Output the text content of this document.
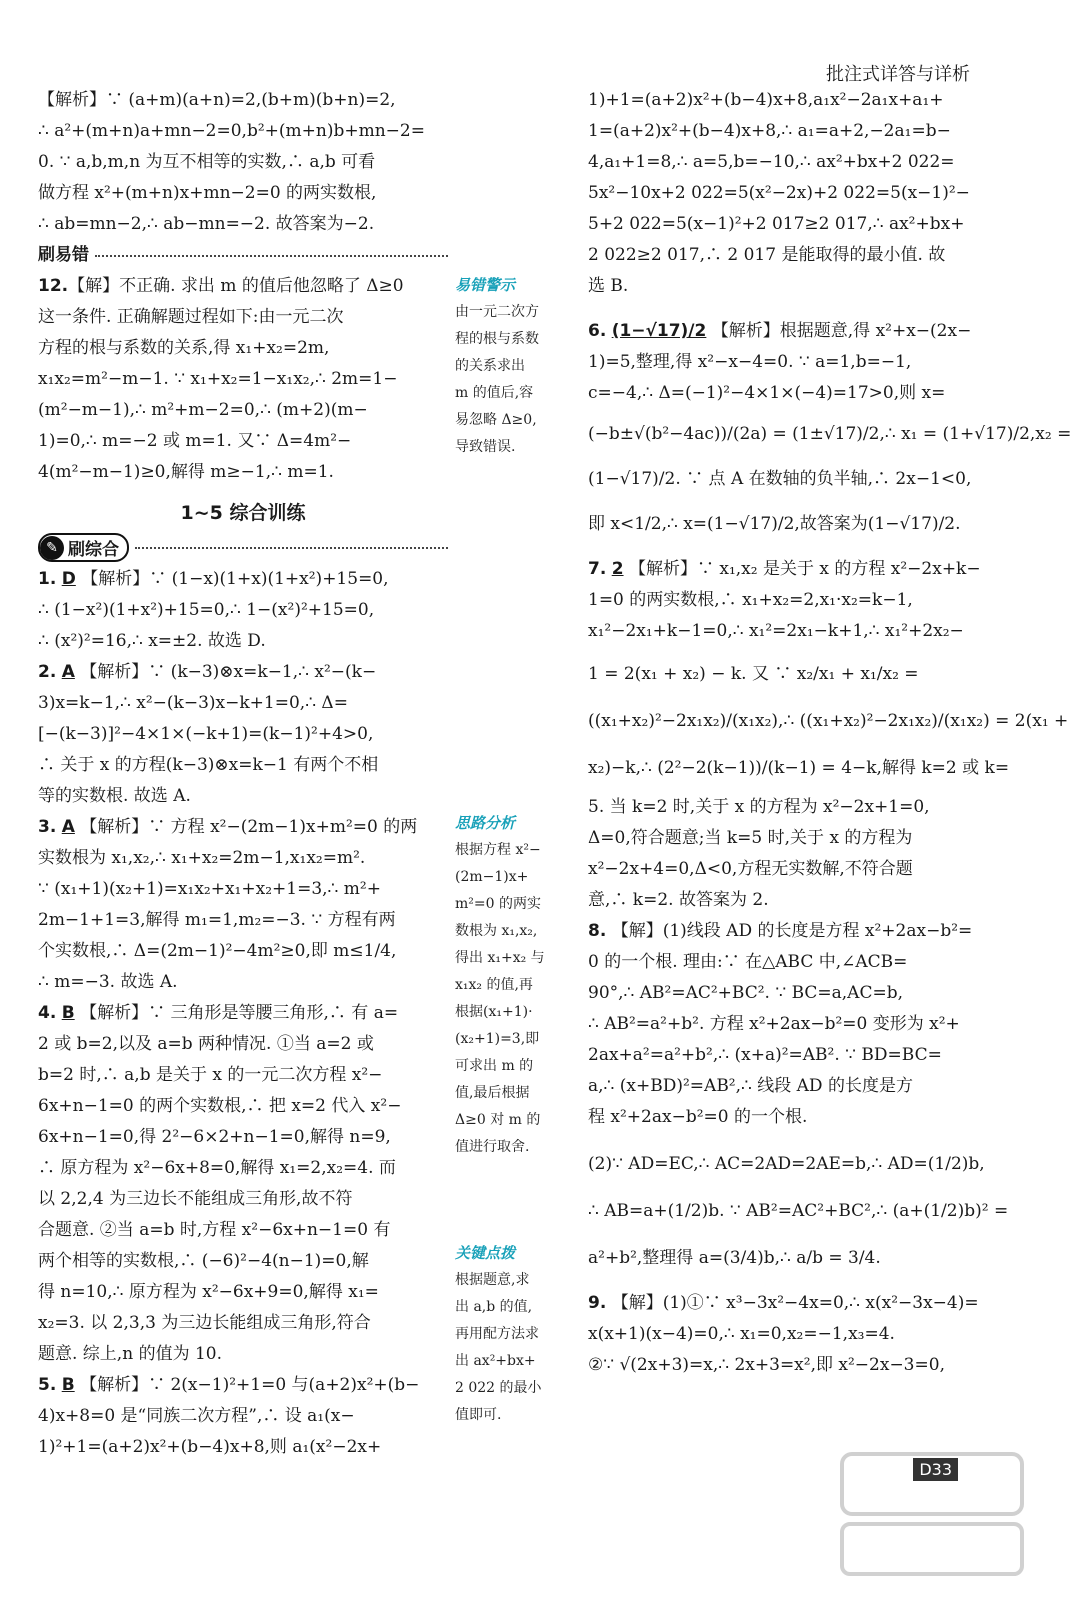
批注式详答与详析
【解析】∵ (a+m)(a+n)=2,(b+m)(b+n)=2,
∴ a²+(m+n)a+mn−2=0,b²+(m+n)b+mn−2=
0. ∵ a,b,m,n 为互不相等的实数,∴ a,b 可看
做方程 x²+(m+n)x+mn−2=0 的两实数根,
∴ ab=mn−2,∴ ab−mn=−2. 故答案为−2.
刷易错
12.【解】不正确. 求出 m 的值后他忽略了 Δ≥0
这一条件. 正确解题过程如下:由一元二次
方程的根与系数的关系,得 x₁+x₂=2m,
x₁x₂=m²−m−1. ∵ x₁+x₂=1−x₁x₂,∴ 2m=1−
(m²−m−1),∴ m²+m−2=0,∴ (m+2)(m−
1)=0,∴ m=−2 或 m=1. 又∵ Δ=4m²−
4(m²−m−1)≥0,解得 m≥−1,∴ m=1.
1~5 综合训练
✎ 刷综合
1. D 【解析】∵ (1−x)(1+x)(1+x²)+15=0,
∴ (1−x²)(1+x²)+15=0,∴ 1−(x²)²+15=0,
∴ (x²)²=16,∴ x=±2. 故选 D.
2. A 【解析】∵ (k−3)⊗x=k−1,∴ x²−(k−
3)x=k−1,∴ x²−(k−3)x−k+1=0,∴ Δ=
[−(k−3)]²−4×1×(−k+1)=(k−1)²+4>0,
∴ 关于 x 的方程(k−3)⊗x=k−1 有两个不相
等的实数根. 故选 A.
3. A 【解析】∵ 方程 x²−(2m−1)x+m²=0 的两
实数根为 x₁,x₂,∴ x₁+x₂=2m−1,x₁x₂=m².
∵ (x₁+1)(x₂+1)=x₁x₂+x₁+x₂+1=3,∴ m²+
2m−1+1=3,解得 m₁=1,m₂=−3. ∵ 方程有两
个实数根,∴ Δ=(2m−1)²−4m²≥0,即 m≤1/4,
∴ m=−3. 故选 A.
4. B 【解析】∵ 三角形是等腰三角形,∴ 有 a=
2 或 b=2,以及 a=b 两种情况. ①当 a=2 或
b=2 时,∴ a,b 是关于 x 的一元二次方程 x²−
6x+n−1=0 的两个实数根,∴ 把 x=2 代入 x²−
6x+n−1=0,得 2²−6×2+n−1=0,解得 n=9,
∴ 原方程为 x²−6x+8=0,解得 x₁=2,x₂=4. 而
以 2,2,4 为三边长不能组成三角形,故不符
合题意. ②当 a=b 时,方程 x²−6x+n−1=0 有
两个相等的实数根,∴ (−6)²−4(n−1)=0,解
得 n=10,∴ 原方程为 x²−6x+9=0,解得 x₁=
x₂=3. 以 2,3,3 为三边长能组成三角形,符合
题意. 综上,n 的值为 10.
5. B 【解析】∵ 2(x−1)²+1=0 与(a+2)x²+(b−
4)x+8=0 是“同族二次方程”,∴ 设 a₁(x−
1)²+1=(a+2)x²+(b−4)x+8,则 a₁(x²−2x+
易错警示
由一元二次方
程的根与系数
的关系求出
m 的值后,容
易忽略 Δ≥0,
导致错误.
思路分析
根据方程 x²−
(2m−1)x+
m²=0 的两实
数根为 x₁,x₂,
得出 x₁+x₂ 与
x₁x₂ 的值,再
根据(x₁+1)·
(x₂+1)=3,即
可求出 m 的
值,最后根据
Δ≥0 对 m 的
值进行取舍.
关键点拨
根据题意,求
出 a,b 的值,
再用配方法求
出 ax²+bx+
2 022 的最小
值即可.
1)+1=(a+2)x²+(b−4)x+8,a₁x²−2a₁x+a₁+
1=(a+2)x²+(b−4)x+8,∴ a₁=a+2,−2a₁=b−
4,a₁+1=8,∴ a=5,b=−10,∴ ax²+bx+2 022=
5x²−10x+2 022=5(x²−2x)+2 022=5(x−1)²−
5+2 022=5(x−1)²+2 017≥2 017,∴ ax²+bx+
2 022≥2 017,∴ 2 017 是能取得的最小值. 故
选 B.
6. (1−√17)/2 【解析】根据题意,得 x²+x−(2x−
1)=5,整理,得 x²−x−4=0. ∵ a=1,b=−1,
c=−4,∴ Δ=(−1)²−4×1×(−4)=17>0,则 x=
(−b±√(b²−4ac))/(2a) = (1±√17)/2,∴ x₁ = (1+√17)/2,x₂ =
(1−√17)/2. ∵ 点 A 在数轴的负半轴,∴ 2x−1<0,
即 x<1/2,∴ x=(1−√17)/2,故答案为(1−√17)/2.
7. 2 【解析】∵ x₁,x₂ 是关于 x 的方程 x²−2x+k−
1=0 的两实数根,∴ x₁+x₂=2,x₁·x₂=k−1,
x₁²−2x₁+k−1=0,∴ x₁²=2x₁−k+1,∴ x₁²+2x₂−
1 = 2(x₁ + x₂) − k. 又 ∵ x₂/x₁ + x₁/x₂ =
((x₁+x₂)²−2x₁x₂)/(x₁x₂),∴ ((x₁+x₂)²−2x₁x₂)/(x₁x₂) = 2(x₁ +
x₂)−k,∴ (2²−2(k−1))/(k−1) = 4−k,解得 k=2 或 k=
5. 当 k=2 时,关于 x 的方程为 x²−2x+1=0,
Δ=0,符合题意;当 k=5 时,关于 x 的方程为
x²−2x+4=0,Δ<0,方程无实数解,不符合题
意,∴ k=2. 故答案为 2.
8. 【解】(1)线段 AD 的长度是方程 x²+2ax−b²=
0 的一个根. 理由:∵ 在△ABC 中,∠ACB=
90°,∴ AB²=AC²+BC². ∵ BC=a,AC=b,
∴ AB²=a²+b². 方程 x²+2ax−b²=0 变形为 x²+
2ax+a²=a²+b²,∴ (x+a)²=AB². ∵ BD=BC=
a,∴ (x+BD)²=AB²,∴ 线段 AD 的长度是方
程 x²+2ax−b²=0 的一个根.
(2)∵ AD=EC,∴ AC=2AD=2AE=b,∴ AD=(1/2)b,
∴ AB=a+(1/2)b. ∵ AB²=AC²+BC²,∴ (a+(1/2)b)² =
a²+b²,整理得 a=(3/4)b,∴ a/b = 3/4.
9. 【解】(1)①∵ x³−3x²−4x=0,∴ x(x²−3x−4)=
x(x+1)(x−4)=0,∴ x₁=0,x₂=−1,x₃=4.
②∵ √(2x+3)=x,∴ 2x+3=x²,即 x²−2x−3=0,
D33
